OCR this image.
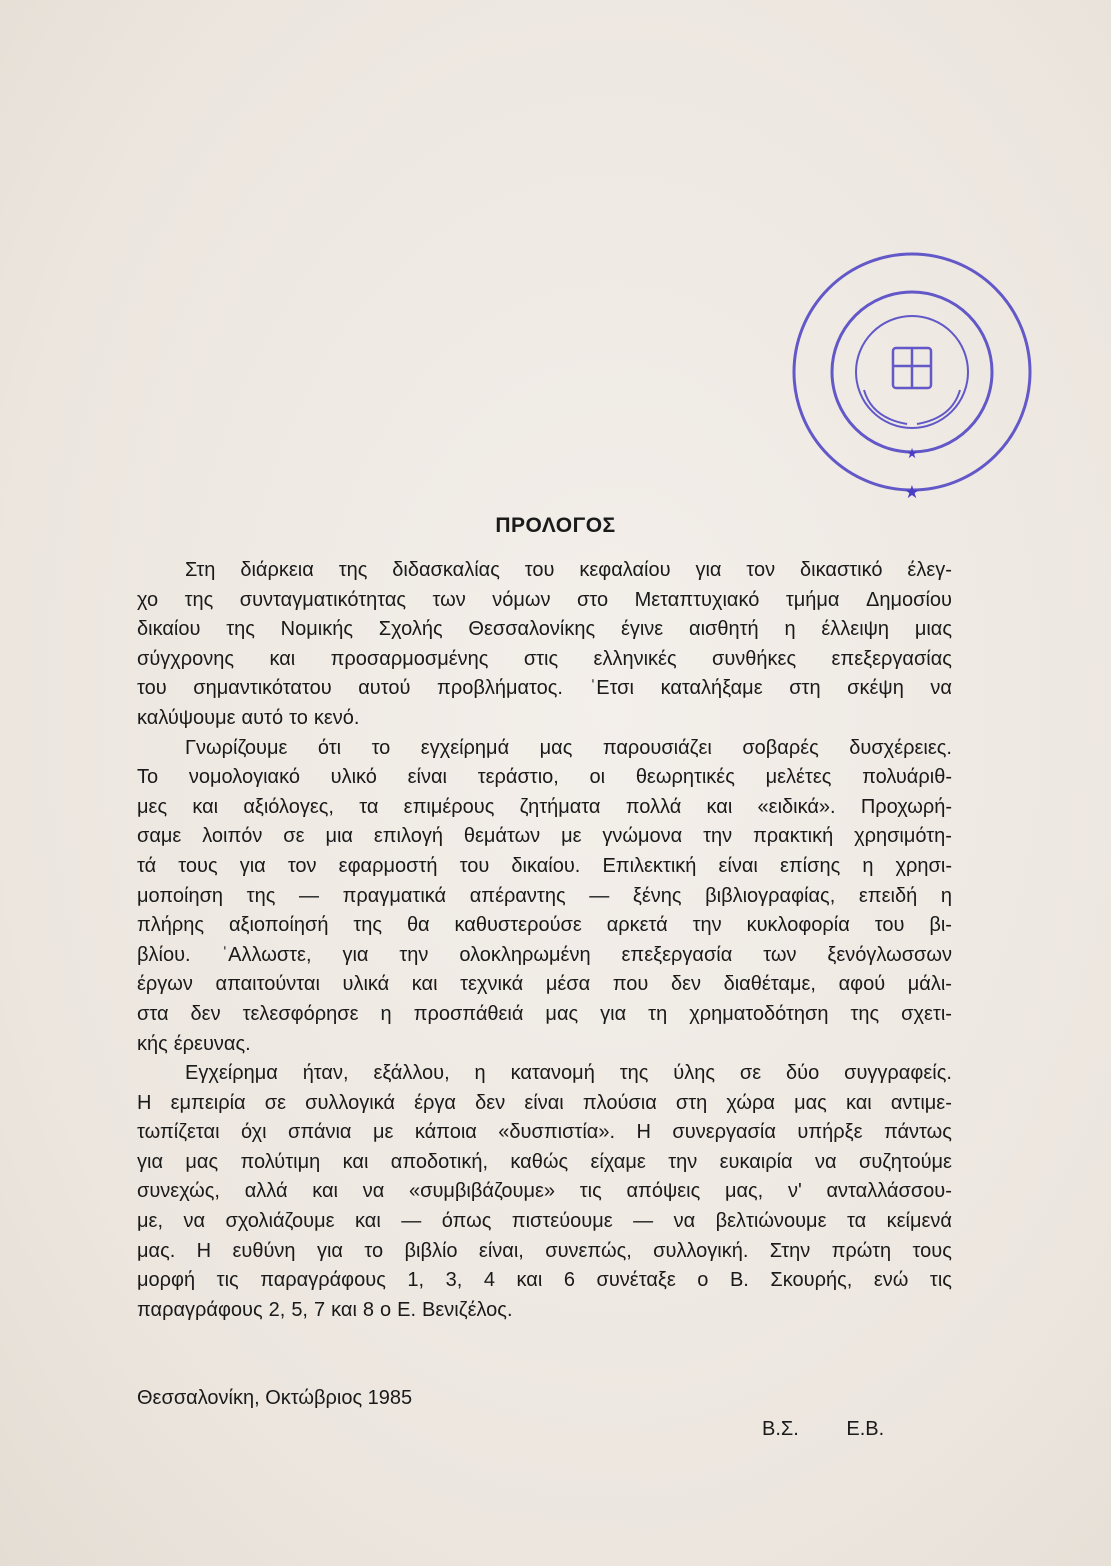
★
★
ΠΡΟΛΟΓΟΣ
Στη διάρκεια της διδασκαλίας του κεφαλαίου για τον δικαστικό έλεγ-
χο της συνταγματικότητας των νόμων στο Μεταπτυχιακό τμήμα Δημοσίου
δικαίου της Νομικής Σχολής Θεσσαλονίκης έγινε αισθητή η έλλειψη μιας
σύγχρονης και προσαρμοσμένης στις ελληνικές συνθήκες επεξεργασίας
του σημαντικότατου αυτού προβλήματος. ˈΕτσι καταλήξαμε στη σκέψη να
καλύψουμε αυτό το κενό.
Γνωρίζουμε ότι το εγχείρημά μας παρουσιάζει σοβαρές δυσχέρειες.
Το νομολογιακό υλικό είναι τεράστιο, οι θεωρητικές μελέτες πολυάριθ-
μες και αξιόλογες, τα επιμέρους ζητήματα πολλά και «ειδικά». Προχωρή-
σαμε λοιπόν σε μια επιλογή θεμάτων με γνώμονα την πρακτική χρησιμότη-
τά τους για τον εφαρμοστή του δικαίου. Επιλεκτική είναι επίσης η χρησι-
μοποίηση της — πραγματικά απέραντης — ξένης βιβλιογραφίας, επειδή η
πλήρης αξιοποίησή της θα καθυστερούσε αρκετά την κυκλοφορία του βι-
βλίου. ˈΑλλωστε, για την ολοκληρωμένη επεξεργασία των ξενόγλωσσων
έργων απαιτούνται υλικά και τεχνικά μέσα που δεν διαθέταμε, αφού μάλι-
στα δεν τελεσφόρησε η προσπάθειά μας για τη χρηματοδότηση της σχετι-
κής έρευνας.
Εγχείρημα ήταν, εξάλλου, η κατανομή της ύλης σε δύο συγγραφείς.
Η εμπειρία σε συλλογικά έργα δεν είναι πλούσια στη χώρα μας και αντιμε-
τωπίζεται όχι σπάνια με κάποια «δυσπιστία». Η συνεργασία υπήρξε πάντως
για μας πολύτιμη και αποδοτική, καθώς είχαμε την ευκαιρία να συζητούμε
συνεχώς, αλλά και να «συμβιβάζουμε» τις απόψεις μας, ν' ανταλλάσσου-
με, να σχολιάζουμε και — όπως πιστεύουμε — να βελτιώνουμε τα κείμενά
μας. Η ευθύνη για το βιβλίο είναι, συνεπώς, συλλογική. Στην πρώτη τους
μορφή τις παραγράφους 1, 3, 4 και 6 συνέταξε ο Β. Σκουρής, ενώ τις
παραγράφους 2, 5, 7 και 8 ο Ε. Βενιζέλος.
Θεσσαλονίκη, Οκτώβριος 1985
Β.Σ. Ε.Β.
